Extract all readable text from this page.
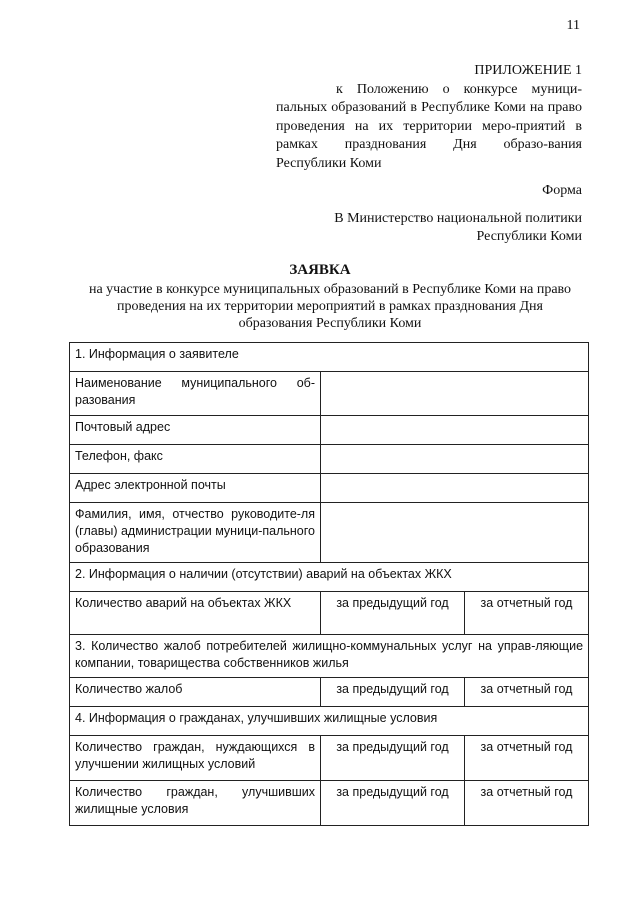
11
ПРИЛОЖЕНИЕ 1
к Положению о конкурсе муници-пальных образований в Республике Коми на право проведения на их территории меро-приятий в рамках празднования Дня образо-вания Республики Коми
Форма
В Министерство национальной политики
Республики Коми
ЗАЯВКА
на участие в конкурсе муниципальных образований в Республике Коми на право проведения на их территории мероприятий в рамках празднования Дня образования Республики Коми
1. Информация о заявителе		
Наименование муниципального об-разования		
Почтовый адрес		
Телефон, факс		
Адрес электронной почты		
Фамилия, имя, отчество руководите-ля (главы) администрации муници-пального образования		
2. Информация о наличии (отсутствии) аварий на объектах ЖКХ		
Количество аварий на объектах ЖКХ	за предыдущий год	за отчетный год
3. Количество жалоб потребителей жилищно-коммунальных услуг на управ-ляющие компании, товарищества собственников жилья		
Количество жалоб	за предыдущий год	за отчетный год
4. Информация о гражданах, улучшивших жилищные условия		
Количество граждан, нуждающихся в улучшении жилищных условий	за предыдущий год	за отчетный год
Количество граждан, улучшивших жилищные условия	за предыдущий год	за отчетный год
